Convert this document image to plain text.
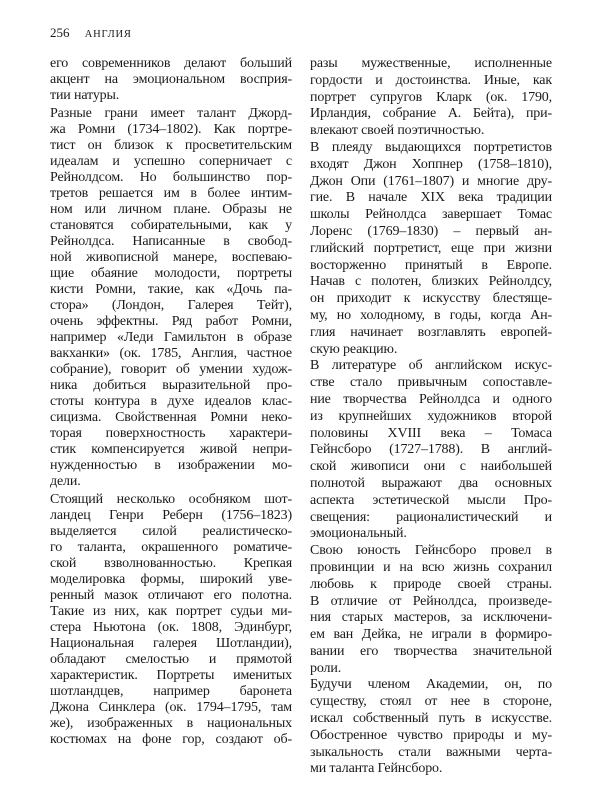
256 АНГЛИЯ
его современников делают больший
акцент на эмоциональном восприя-
тии натуры.
Разные грани имеет талант Джорд-
жа Ромни (1734–1802). Как портре-
тист он близок к просветительским
идеалам и успешно соперничает с
Рейнолдсом. Но большинство пор-
третов решается им в более интим-
ном или личном плане. Образы не
становятся собирательными, как у
Рейнолдса. Написанные в свобод-
ной живописной манере, воспеваю-
щие обаяние молодости, портреты
кисти Ромни, такие, как «Дочь па-
стора» (Лондон, Галерея Тейт),
очень эффектны. Ряд работ Ромни,
например «Леди Гамильтон в образе
вакханки» (ок. 1785, Англия, частное
собрание), говорит об умении худож-
ника добиться выразительной про-
стоты контура в духе идеалов клас-
сицизма. Свойственная Ромни неко-
торая поверхностность характери-
стик компенсируется живой непри-
нужденностью в изображении мо-
дели.
Стоящий несколько особняком шот-
ландец Генри Реберн (1756–1823)
выделяется силой реалистическо-
го таланта, окрашенного роматиче-
ской взволнованностью. Крепкая
моделировка формы, широкий уве-
ренный мазок отличают его полотна.
Такие из них, как портрет судьи ми-
стера Ньютона (ок. 1808, Эдинбург,
Национальная галерея Шотландии),
обладают смелостью и прямотой
характеристик. Портреты именитых
шотландцев, например баронета
Джона Синклера (ок. 1794–1795, там
же), изображенных в национальных
костюмах на фоне гор, создают об-
разы мужественные, исполненные
гордости и достоинства. Иные, как
портрет супругов Кларк (ок. 1790,
Ирландия, собрание А. Бейта), при-
влекают своей поэтичностью.
В плеяду выдающихся портретистов
входят Джон Хоппнер (1758–1810),
Джон Опи (1761–1807) и многие дру-
гие. В начале XIX века традиции
школы Рейнолдса завершает Томас
Лоренс (1769–1830) – первый ан-
глийский портретист, еще при жизни
восторженно принятый в Европе.
Начав с полотен, близких Рейнолдсу,
он приходит к искусству блестяще-
му, но холодному, в годы, когда Ан-
глия начинает возглавлять европей-
скую реакцию.
В литературе об английском искус-
стве стало привычным сопоставле-
ние творчества Рейнолдса и одного
из крупнейших художников второй
половины XVIII века – Томаса
Гейнсборо (1727–1788). В англий-
ской живописи они с наибольшей
полнотой выражают два основных
аспекта эстетической мысли Про-
свещения: рационалистический и
эмоциональный.
Свою юность Гейнсборо провел в
провинции и на всю жизнь сохранил
любовь к природе своей страны.
В отличие от Рейнолдса, произведе-
ния старых мастеров, за исключени-
ем ван Дейка, не играли в формиро-
вании его творчества значительной
роли.
Будучи членом Академии, он, по
существу, стоял от нее в стороне,
искал собственный путь в искусстве.
Обостренное чувство природы и му-
зыкальность стали важными черта-
ми таланта Гейнсборо.
